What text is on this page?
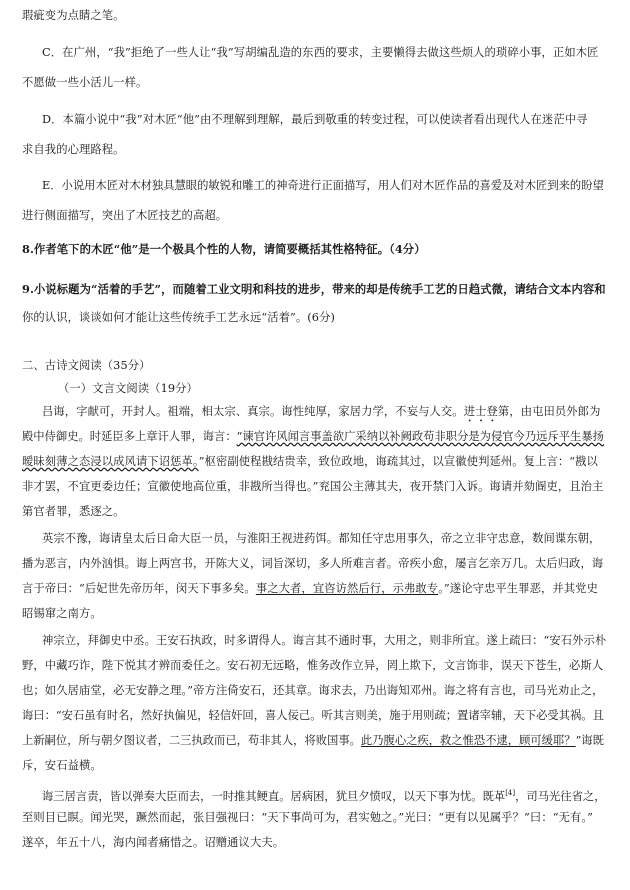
瑕疵变为点睛之笔。

C．在广州，“我”拒绝了一些人让“我”写胡编乱造的东西的要求，主要懒得去做这些烦人的琐碎小事，正如木匠

不愿做一些小活儿一样。

D．本篇小说中“我”对木匠“他”由不理解到理解，最后到敬重的转变过程，可以使读者看出现代人在迷茫中寻

求自我的心理路程。

E．小说用木匠对木材独具慧眼的敏锐和雕工的神奇进行正面描写，用人们对木匠作品的喜爱及对木匠到来的盼望

进行侧面描写，突出了木匠技艺的高超。

8.作者笔下的木匠“他”是一个极具个性的人物，请简要概括其性格特征。（4分）

9.小说标题为“活着的手艺”，而随着工业文明和科技的进步，带来的却是传统手工艺的日趋式微，请结合文本内容和

你的认识，谈谈如何才能让这些传统手工艺永远“活着”。(6分)

二、古诗文阅读（35分）

（一）文言文阅读（19分）

吕诲，字献可，开封人。祖端，相太宗、真宗。诲性纯厚，家居力学，不妄与人交。进士登第，由屯田员外郎为

殿中侍御史。时延臣多上章讦人罪，诲言：“谏官许风闻言事盖欲广采纳以补阙政苟非职分是为侵官今乃远斥平生暴扬

暧昧刻薄之态浸以成风请下诏惩革。”枢密副使程戡结贵幸，致位政地，诲疏其过，以宣徽使判延州。复上言：“戡以

非才罢，不宜更委边任；宣徽使地高位重，非戡所当得也。”兖国公主薄其夫，夜开禁门入诉。诲请并劾阍吏，且治主

第官者罪，悉逐之。

英宗不豫，诲请皇太后日命大臣一员，与淮阳王视进药饵。都知任守忠用事久，帝之立非守忠意，数间谍东朝，

播为恶言，内外汹惧。诲上两宫书，开陈大义，词旨深切，多人所难言者。帝疾小愈，屡言乞亲万几。太后归政，诲

言于帝曰：“后妃世先帝历年，闵天下事多矣。事之大者，宜咨访然后行，示弗敢专。”遂论守忠平生罪恶，并其党史

昭锡窜之南方。

神宗立，拜御史中丞。王安石执政，时多谓得人。诲言其不通时事，大用之，则非所宜。遂上疏曰：“安石外示朴

野，中藏巧诈，陛下悦其才辨而委任之。安石初无远略，惟务改作立异，罔上欺下，文言饰非，误天下苍生，必斯人

也；如久居庙堂，必无安静之理。”帝方注倚安石，还其章。诲求去，乃出诲知邓州。诲之将有言也，司马光劝止之，

诲曰：“安石虽有时名，然好执偏见，轻信奸回，喜人佞己。听其言则美，施于用则疏；置诸宰辅，天下必受其祸。且

上新嗣位，所与朝夕图议者，二三执政而已，苟非其人，将败国事。此乃腹心之疾，救之惟恐不逮，顾可缓耶？”诲既

斥，安石益横。

诲三居言责，皆以弹奏大臣而去，一时推其鲠直。居病困，犹旦夕愤叹，以天下事为忧。既革[4]，司马光往省之，

至则目已瞑。闻光哭，蹶然而起，张目强视曰：“天下事尚可为，君实勉之。”光曰：“更有以见属乎？”曰：“无有。”

遂卒，年五十八，海内闻者痛惜之。诏赠通议大夫。
